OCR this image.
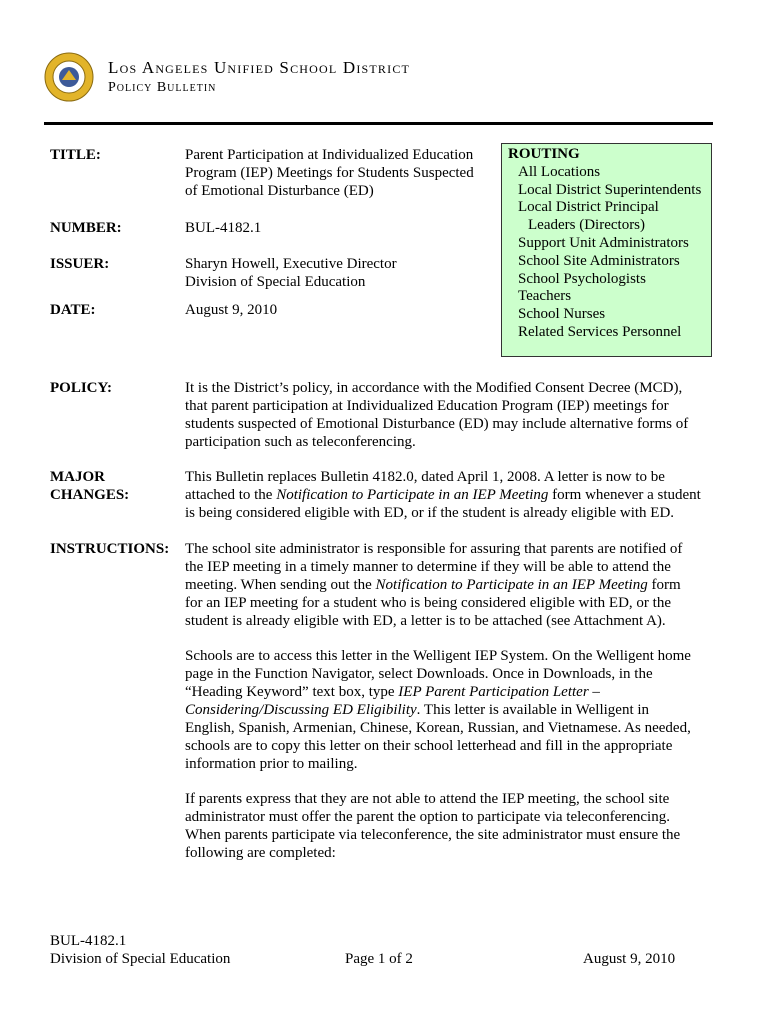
Los Angeles Unified School District
Policy Bulletin
TITLE:	Parent Participation at Individualized Education
Program (IEP) Meetings for Students Suspected
of Emotional Disturbance (ED)
NUMBER:	BUL-4182.1
ISSUER:	Sharyn Howell, Executive Director
Division of Special Education
DATE:	August 9, 2010
ROUTING
All Locations
Local District Superintendents
Local District Principal
Leaders (Directors)
Support Unit Administrators
School Site Administrators
School Psychologists
Teachers
School Nurses
Related Services Personnel
POLICY:	It is the District’s policy, in accordance with the Modified Consent Decree (MCD),
that parent participation at Individualized Education Program (IEP) meetings for
students suspected of Emotional Disturbance (ED) may include alternative forms of
participation such as teleconferencing.
MAJOR
CHANGES:
This Bulletin replaces Bulletin 4182.0, dated April 1, 2008. A letter is now to be
attached to the Notification to Participate in an IEP Meeting form whenever a student
is being considered eligible with ED, or if the student is already eligible with ED.
INSTRUCTIONS: The school site administrator is responsible for assuring that parents are notified of
the IEP meeting in a timely manner to determine if they will be able to attend the
meeting. When sending out the Notification to Participate in an IEP Meeting form
for an IEP meeting for a student who is being considered eligible with ED, or the
student is already eligible with ED, a letter is to be attached (see Attachment A).
Schools are to access this letter in the Welligent IEP System. On the Welligent home
page in the Function Navigator, select Downloads. Once in Downloads, in the
“Heading Keyword” text box, type IEP Parent Participation Letter –
Considering/Discussing ED Eligibility. This letter is available in Welligent in
English, Spanish, Armenian, Chinese, Korean, Russian, and Vietnamese. As needed,
schools are to copy this letter on their school letterhead and fill in the appropriate
information prior to mailing.
If parents express that they are not able to attend the IEP meeting, the school site
administrator must offer the parent the option to participate via teleconferencing.
When parents participate via teleconference, the site administrator must ensure the
following are completed:
BUL-4182.1
Division of Special Education	Page 1 of 2	August 9, 2010
